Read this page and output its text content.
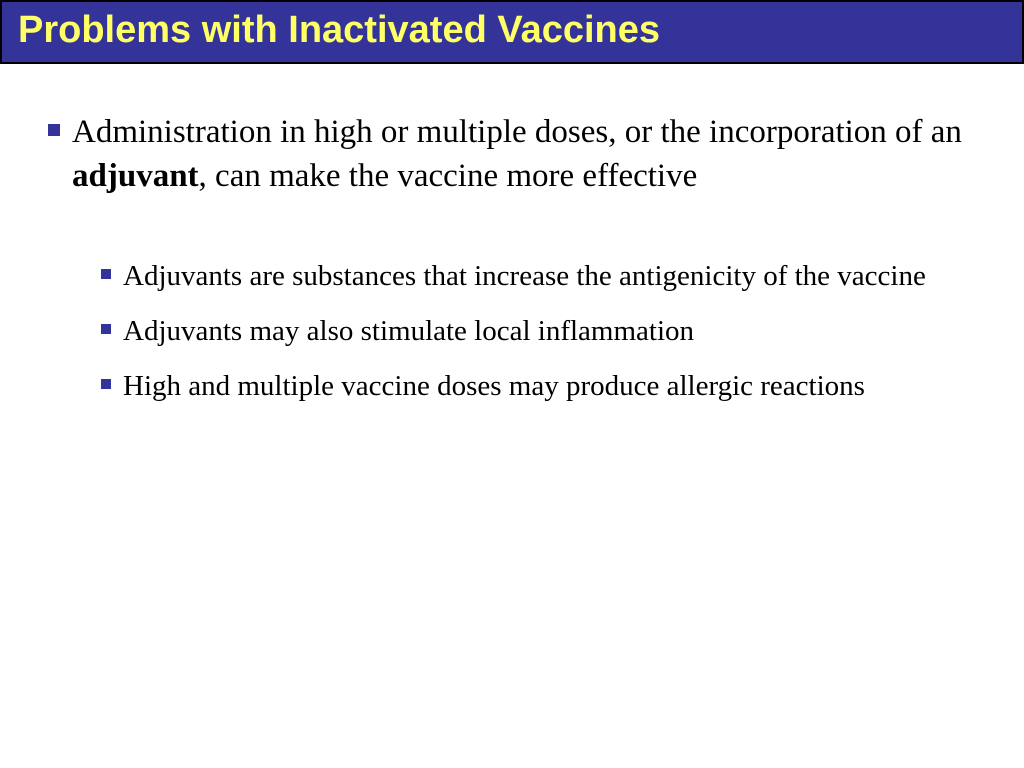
Problems with Inactivated Vaccines
Administration in high or multiple doses, or the incorporation of an adjuvant, can make the vaccine more effective
Adjuvants are substances that increase the antigenicity of the vaccine
Adjuvants may also stimulate local inflammation
High and multiple vaccine doses may produce allergic reactions
